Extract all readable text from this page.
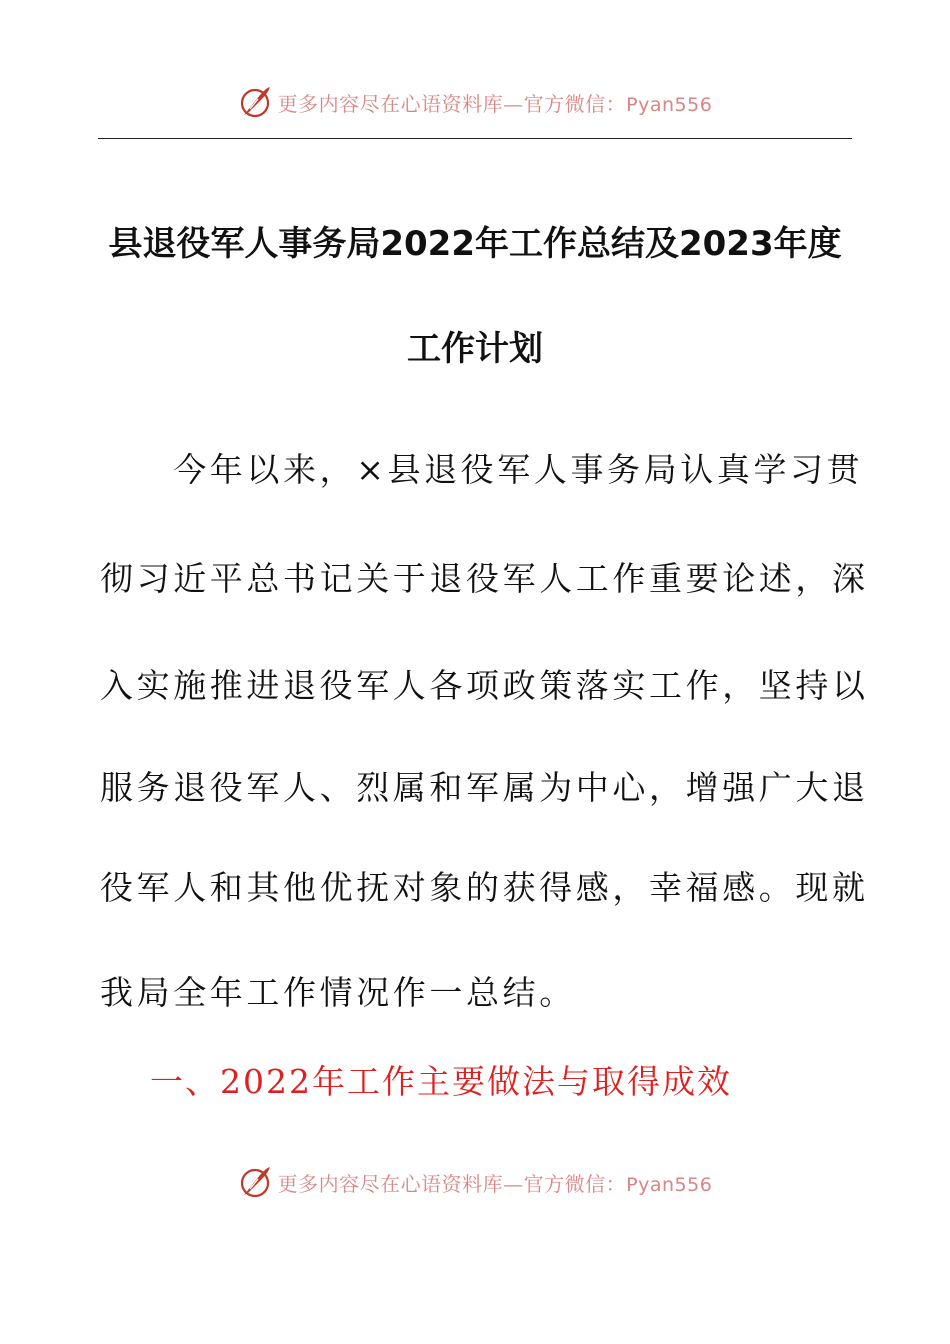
更多内容尽在心语资料库—官方微信：Pyan556
县退役军人事务局2022年工作总结及2023年度
工作计划
　　今年以来，×县退役军人事务局认真学习贯
彻习近平总书记关于退役军人工作重要论述，深
入实施推进退役军人各项政策落实工作，坚持以
服务退役军人、烈属和军属为中心，增强广大退
役军人和其他优抚对象的获得感，幸福感。现就
我局全年工作情况作一总结。
一、2022年工作主要做法与取得成效
更多内容尽在心语资料库—官方微信：Pyan556
